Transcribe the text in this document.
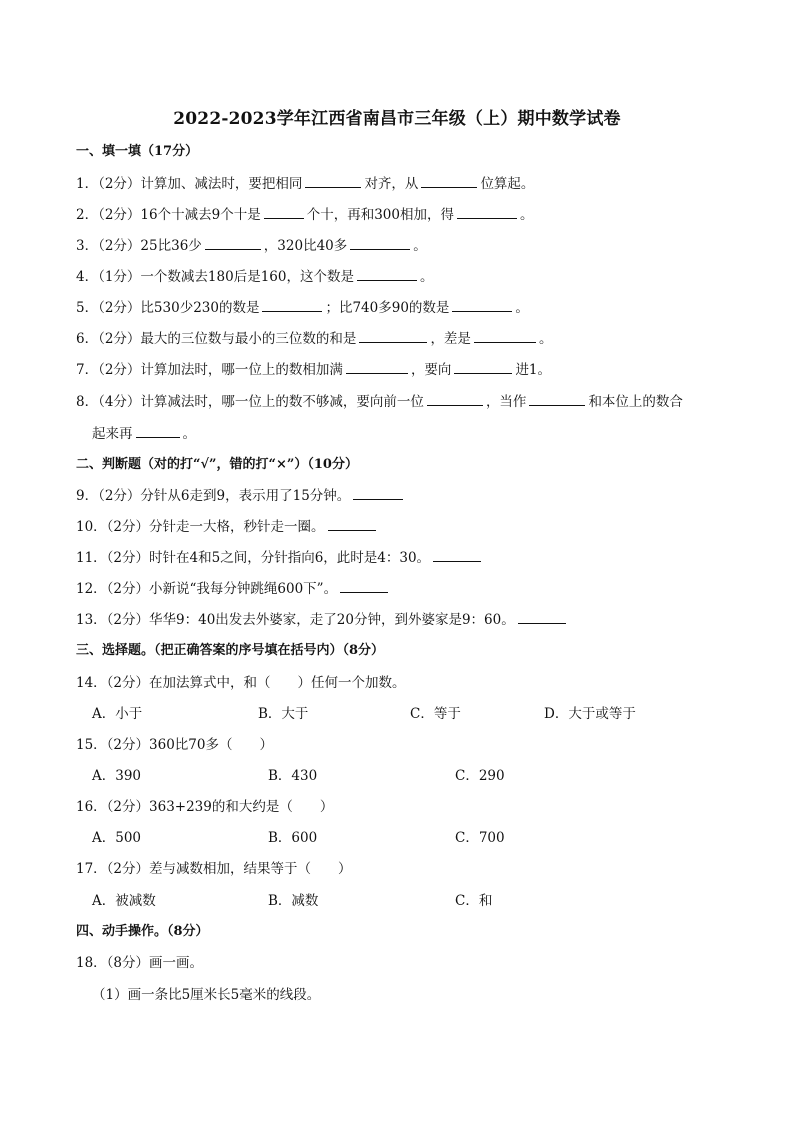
2022-2023学年江西省南昌市三年级（上）期中数学试卷
一、填一填（17分）
1．（2分）计算加、减法时，要把相同	对齐，从	位算起。
2．（2分）16个十减去9个十是	个十，再和300相加，得	。
3．（2分）25比36少	，320比40多	。
4．（1分）一个数减去180后是160，这个数是	。
5．（2分）比530少230的数是	；比740多90的数是	。
6．（2分）最大的三位数与最小的三位数的和是	，差是	。
7．（2分）计算加法时，哪一位上的数相加满	，要向	进1。
8．（4分）计算减法时，哪一位上的数不够减，要向前一位	，当作	和本位上的数合
起来再	。
二、判断题（对的打“√”，错的打“×”）（10分）
9．（2分）分针从6走到9，表示用了15分钟。
10．（2分）分针走一大格，秒针走一圈。
11．（2分）时针在4和5之间，分针指向6，此时是4：30。
12．（2分）小新说“我每分钟跳绳600下”。
13．（2分）华华9：40出发去外婆家，走了20分钟，到外婆家是9：60。
三、选择题。（把正确答案的序号填在括号内）（8分）
14．（2分）在加法算式中，和（　　）任何一个加数。
A．小于	B．大于	C．等于	D．大于或等于
15．（2分）360比70多（　　）
A．390	B．430	C．290
16．（2分）363+239的和大约是（　　）
A．500	B．600	C．700
17．（2分）差与减数相加，结果等于（　　）
A．被减数	B．减数	C．和
四、动手操作。（8分）
18．（8分）画一画。
（1）画一条比5厘米长5毫米的线段。
